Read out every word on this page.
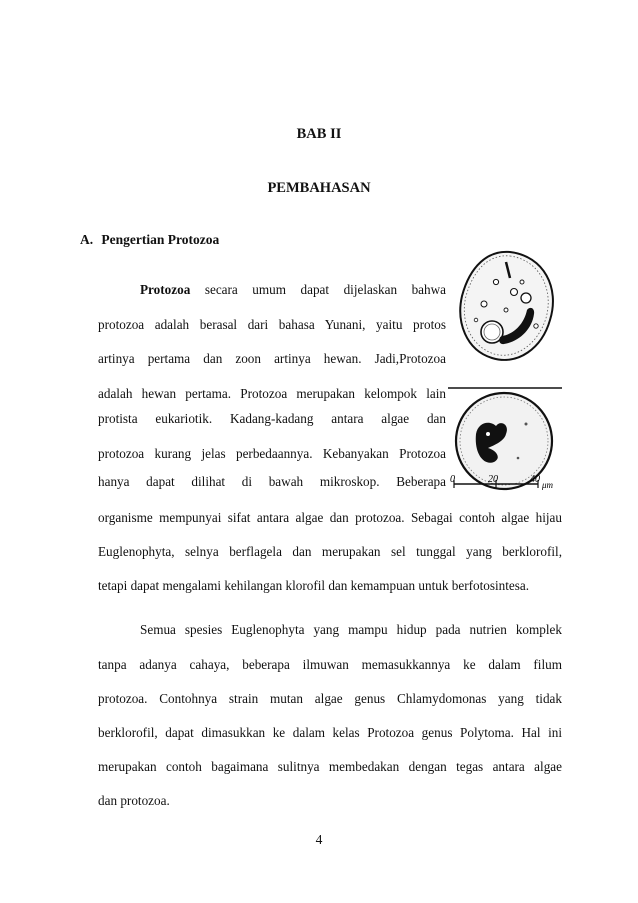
BAB II
PEMBAHASAN
A. Pengertian Protozoa
Protozoa secara umum dapat dijelaskan bahwa
protozoa adalah berasal dari bahasa Yunani, yaitu protos
artinya pertama dan zoon artinya hewan. Jadi,Protozoa
adalah hewan pertama. Protozoa merupakan kelompok lain
protista eukariotik. Kadang-kadang antara algae dan
protozoa kurang jelas perbedaannya. Kebanyakan Protozoa
hanya dapat dilihat di bawah mikroskop. Beberapa
organisme mempunyai sifat antara algae dan protozoa. Sebagai contoh algae hijau
Euglenophyta, selnya berflagela dan merupakan sel tunggal yang berklorofil,
tetapi dapat mengalami kehilangan klorofil dan kemampuan untuk berfotosintesa.
Semua spesies Euglenophyta yang mampu hidup pada nutrien komplek
tanpa adanya cahaya, beberapa ilmuwan memasukkannya ke dalam filum
protozoa. Contohnya strain mutan algae genus Chlamydomonas yang tidak
berklorofil, dapat dimasukkan ke dalam kelas Protozoa genus Polytoma. Hal ini
merupakan contoh bagaimana sulitnya membedakan dengan tegas antara algae
dan protozoa.
0	20	40 μm
4
